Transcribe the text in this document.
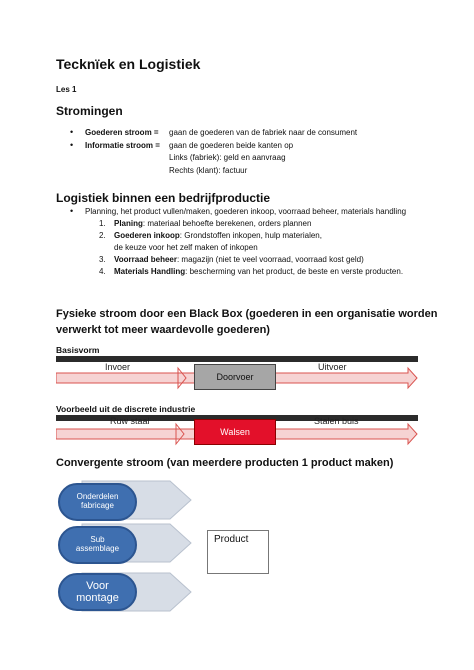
Tecknïek en Logistiek
Les 1
Stromingen
• Goederen stroom = gaan de goederen van de fabriek naar de consument
• Informatie stroom = gaan de goederen beide kanten op
Links (fabriek): geld en aanvraag
Rechts (klant): factuur
Logistiek binnen een bedrijfproductie
• Planning, het product vullen/maken, goederen inkoop, voorraad beheer, materials handling
1. Planing: materiaal behoefte berekenen, orders plannen
2. Goederen inkoop: Grondstoffen inkopen, hulp materialen,
de keuze voor het zelf maken of inkopen
3. Voorraad beheer: magazijn (niet te veel voorraad, voorraad kost geld)
4. Materials Handling: bescherming van het product, de beste en verste producten.
Fysieke stroom door een Black Box (goederen in een organisatie worden
verwerkt tot meer waardevolle goederen)
Basisvorm
Invoer	Uitvoer
Doorvoer
Voorbeeld uit de discrete industrie
Ruw staal	Stalen buis
Walsen
Convergente stroom (van meerdere producten 1 product maken)
Onderdelen
fabricage
Sub
assemblage
Voor
montage
Product
